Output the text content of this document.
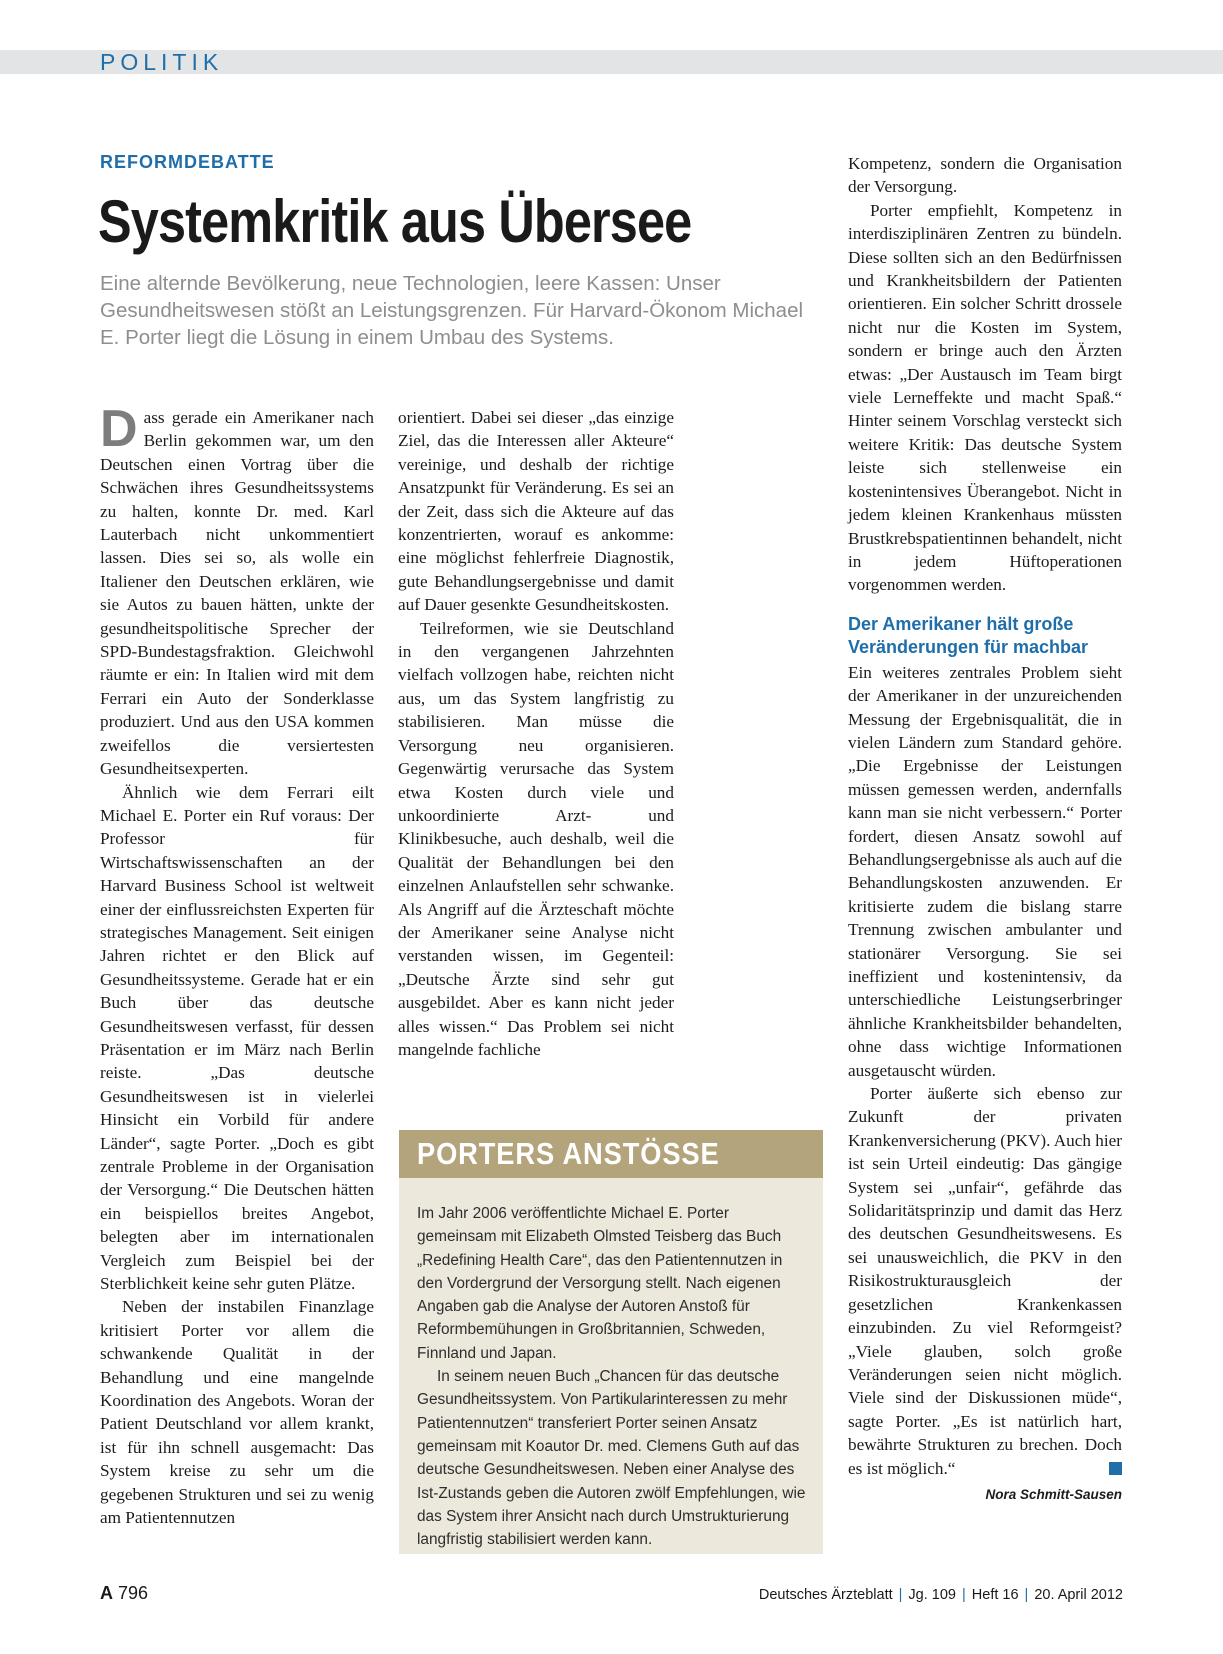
POLITIK
REFORMDEBATTE
Systemkritik aus Übersee
Eine alternde Bevölkerung, neue Technologien, leere Kassen: Unser Gesundheitswesen stößt an Leistungsgrenzen. Für Harvard-Ökonom Michael E. Porter liegt die Lösung in einem Umbau des Systems.

Dass gerade ein Amerikaner nach Berlin gekommen war, um den Deutschen einen Vortrag über die Schwächen ihres Gesundheitssystems zu halten, konnte Dr. med. Karl Lauterbach nicht unkommentiert lassen. Dies sei so, als wolle ein Italiener den Deutschen erklären, wie sie Autos zu bauen hätten, unkte der gesundheitspolitische Sprecher der SPD-Bundestagsfraktion. Gleichwohl räumte er ein: In Italien wird mit dem Ferrari ein Auto der Sonderklasse produziert. Und aus den USA kommen zweifellos die versiertesten Gesundheitsexperten.

Ähnlich wie dem Ferrari eilt Michael E. Porter ein Ruf voraus: Der Professor für Wirtschaftswissenschaften an der Harvard Business School ist weltweit einer der einflussreichsten Experten für strategisches Management. Seit einigen Jahren richtet er den Blick auf Gesundheitssysteme. Gerade hat er ein Buch über das deutsche Gesundheitswesen verfasst, für dessen Präsentation er im März nach Berlin reiste. „Das deutsche Gesundheitswesen ist in vielerlei Hinsicht ein Vorbild für andere Länder“, sagte Porter. „Doch es gibt zentrale Probleme in der Organisation der Versorgung.“ Die Deutschen hätten ein beispiellos breites Angebot, belegten aber im internationalen Vergleich zum Beispiel bei der Sterblichkeit keine sehr guten Plätze.

Neben der instabilen Finanzlage kritisiert Porter vor allem die schwankende Qualität in der Behandlung und eine mangelnde Koordination des Angebots. Woran der Patient Deutschland vor allem krankt, ist für ihn schnell ausgemacht: Das System kreise zu sehr um die gegebenen Strukturen und sei zu wenig am Patientennutzen

orientiert. Dabei sei dieser „das einzige Ziel, das die Interessen aller Akteure“ vereinige, und deshalb der richtige Ansatzpunkt für Veränderung. Es sei an der Zeit, dass sich die Akteure auf das konzentrierten, worauf es ankomme: eine möglichst fehlerfreie Diagnostik, gute Behandlungsergebnisse und damit auf Dauer gesenkte Gesundheitskosten.

Teilreformen, wie sie Deutschland in den vergangenen Jahrzehnten vielfach vollzogen habe, reichten nicht aus, um das System langfristig zu stabilisieren. Man müsse die Versorgung neu organisieren. Gegenwärtig verursache das System etwa Kosten durch viele und unkoordinierte Arzt- und Klinikbesuche, auch deshalb, weil die Qualität der Behandlungen bei den einzelnen Anlaufstellen sehr schwanke. Als Angriff auf die Ärzteschaft möchte der Amerikaner seine Analyse nicht verstanden wissen, im Gegenteil: „Deutsche Ärzte sind sehr gut ausgebildet. Aber es kann nicht jeder alles wissen.“ Das Problem sei nicht mangelnde fachliche

Kompetenz, sondern die Organisation der Versorgung.

Porter empfiehlt, Kompetenz in interdisziplinären Zentren zu bündeln. Diese sollten sich an den Bedürfnissen und Krankheitsbildern der Patienten orientieren. Ein solcher Schritt drossele nicht nur die Kosten im System, sondern er bringe auch den Ärzten etwas: „Der Austausch im Team birgt viele Lerneffekte und macht Spaß.“ Hinter seinem Vorschlag versteckt sich weitere Kritik: Das deutsche System leiste sich stellenweise ein kostenintensives Überangebot. Nicht in jedem kleinen Krankenhaus müssten Brustkrebspatientinnen behandelt, nicht in jedem Hüftoperationen vorgenommen werden.

Der Amerikaner hält große Veränderungen für machbar

Ein weiteres zentrales Problem sieht der Amerikaner in der unzureichenden Messung der Ergebnisqualität, die in vielen Ländern zum Standard gehöre. „Die Ergebnisse der Leistungen müssen gemessen werden, andernfalls kann man sie nicht verbessern.“ Porter fordert, diesen Ansatz sowohl auf Behandlungsergebnisse als auch auf die Behandlungskosten anzuwenden. Er kritisierte zudem die bislang starre Trennung zwischen ambulanter und stationärer Versorgung. Sie sei ineffizient und kostenintensiv, da unterschiedliche Leistungserbringer ähnliche Krankheitsbilder behandelten, ohne dass wichtige Informationen ausgetauscht würden.

Porter äußerte sich ebenso zur Zukunft der privaten Krankenversicherung (PKV). Auch hier ist sein Urteil eindeutig: Das gängige System sei „unfair“, gefährde das Solidaritätsprinzip und damit das Herz des deutschen Gesundheitswesens. Es sei unausweichlich, die PKV in den Risikostrukturausgleich der gesetzlichen Krankenkassen einzubinden. Zu viel Reformgeist? „Viele glauben, solch große Veränderungen seien nicht möglich. Viele sind der Diskussionen müde“, sagte Porter. „Es ist natürlich hart, bewährte Strukturen zu brechen. Doch es ist möglich.“

Nora Schmitt-Sausen
PORTERS ANSTÖSSE

Im Jahr 2006 veröffentlichte Michael E. Porter gemeinsam mit Elizabeth Olmsted Teisberg das Buch „Redefining Health Care“, das den Patientennutzen in den Vordergrund der Versorgung stellt. Nach eigenen Angaben gab die Analyse der Autoren Anstoß für Reformbemühungen in Großbritannien, Schweden, Finnland und Japan.

In seinem neuen Buch „Chancen für das deutsche Gesundheitssystem. Von Partikularinteressen zu mehr Patientennutzen“ transferiert Porter seinen Ansatz gemeinsam mit Koautor Dr. med. Clemens Guth auf das deutsche Gesundheitswesen. Neben einer Analyse des Ist-Zustands geben die Autoren zwölf Empfehlungen, wie das System ihrer Ansicht nach durch Umstrukturierung langfristig stabilisiert werden kann.

A 796	Deutsches Ärzteblatt | Jg. 109 | Heft 16 | 20. April 2012
